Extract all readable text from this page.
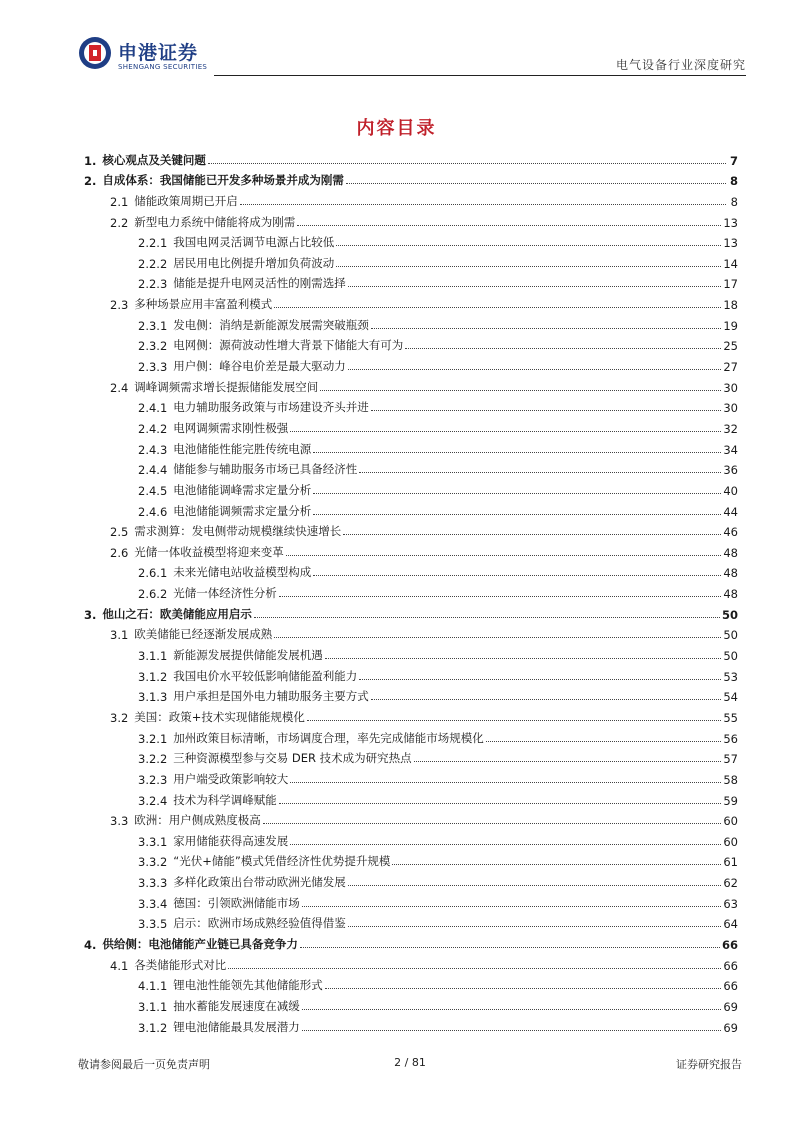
申港证券
SHENGANG SECURITIES	电气设备行业深度研究
内容目录
1. 核心观点及关键问题	7
2. 自成体系：我国储能已开发多种场景并成为刚需	8
2.1 储能政策周期已开启	8
2.2 新型电力系统中储能将成为刚需	13
2.2.1 我国电网灵活调节电源占比较低	13
2.2.2 居民用电比例提升增加负荷波动	14
2.2.3 储能是提升电网灵活性的刚需选择	17
2.3 多种场景应用丰富盈利模式	18
2.3.1 发电侧：消纳是新能源发展需突破瓶颈	19
2.3.2 电网侧：源荷波动性增大背景下储能大有可为	25
2.3.3 用户侧：峰谷电价差是最大驱动力	27
2.4 调峰调频需求增长提振储能发展空间	30
2.4.1 电力辅助服务政策与市场建设齐头并进	30
2.4.2 电网调频需求刚性极强	32
2.4.3 电池储能性能完胜传统电源	34
2.4.4 储能参与辅助服务市场已具备经济性	36
2.4.5 电池储能调峰需求定量分析	40
2.4.6 电池储能调频需求定量分析	44
2.5 需求测算：发电侧带动规模继续快速增长	46
2.6 光储一体收益模型将迎来变革	48
2.6.1 未来光储电站收益模型构成	48
2.6.2 光储一体经济性分析	48
3. 他山之石：欧美储能应用启示	50
3.1 欧美储能已经逐渐发展成熟	50
3.1.1 新能源发展提供储能发展机遇	50
3.1.2 我国电价水平较低影响储能盈利能力	53
3.1.3 用户承担是国外电力辅助服务主要方式	54
3.2 美国：政策+技术实现储能规模化	55
3.2.1 加州政策目标清晰，市场调度合理，率先完成储能市场规模化	56
3.2.2 三种资源模型参与交易 DER 技术成为研究热点	57
3.2.3 用户端受政策影响较大	58
3.2.4 技术为科学调峰赋能	59
3.3 欧洲：用户侧成熟度极高	60
3.3.1 家用储能获得高速发展	60
3.3.2 “光伏+储能”模式凭借经济性优势提升规模	61
3.3.3 多样化政策出台带动欧洲光储发展	62
3.3.4 德国：引领欧洲储能市场	63
3.3.5 启示：欧洲市场成熟经验值得借鉴	64
4. 供给侧：电池储能产业链已具备竞争力	66
4.1 各类储能形式对比	66
4.1.1 锂电池性能领先其他储能形式	66
3.1.1 抽水蓄能发展速度在减缓	69
3.1.2 锂电池储能最具发展潜力	69
敬请参阅最后一页免责声明	2 / 81	证券研究报告
